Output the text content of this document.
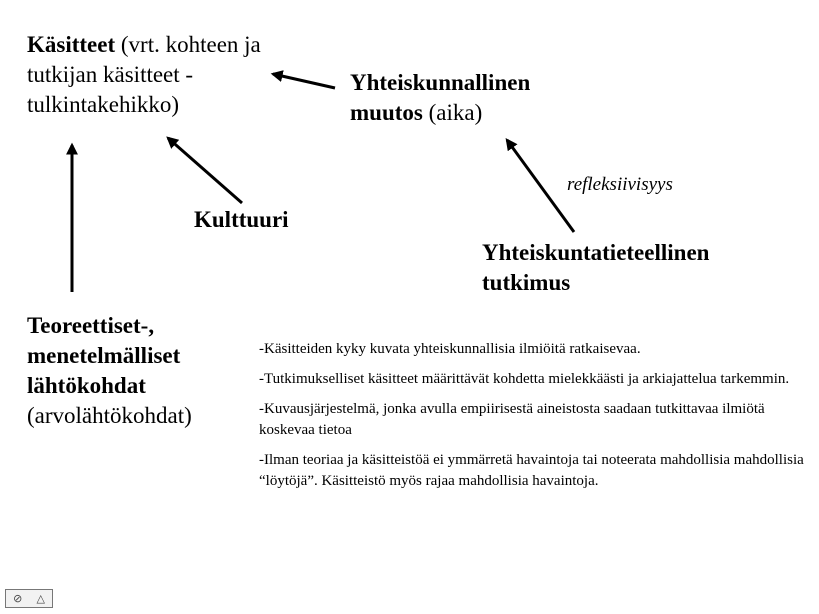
Käsitteet (vrt. kohteen ja tutkijan käsitteet - tulkintakehikko)
Yhteiskunnallinen
muutos (aika)
Kulttuuri
refleksiivisyys
Yhteiskuntatieteellinen
tutkimus
Teoreettiset-,
menetelmälliset
lähtökohdat
(arvolähtökohdat)

-Käsitteiden kyky kuvata yhteiskunnallisia ilmiöitä ratkaisevaa.

-Tutkimukselliset käsitteet määrittävät kohdetta mielekkäästi ja arkiajattelua tarkemmin.

-Kuvausjärjestelmä, jonka avulla empiirisestä aineistosta saadaan tutkittavaa ilmiötä koskevaa tietoa

-Ilman teoriaa ja käsitteistöä ei ymmärretä havaintoja tai noteerata mahdollisia mahdollisia “löytöjä”. Käsitteistö myös rajaa mahdollisia havaintoja.

⊘ △
